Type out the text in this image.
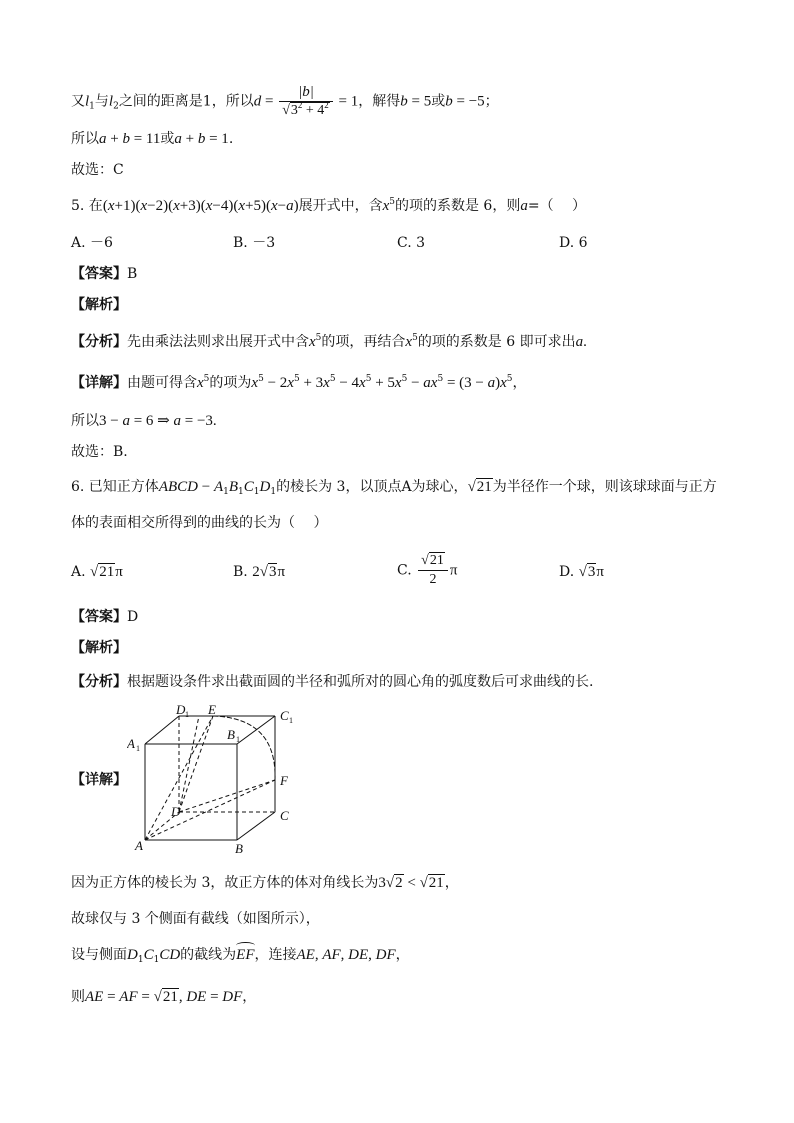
又$l_1$与$l_2$之间的距离是1，所以$d = \frac{|b|}{√3^2 + 4^2} = 1$，解得b = 5或b = −5；
所以a + b = 11或a + b = 1.
故选：C
5. 在(x+1)(x−2)(x+3)(x−4)(x+5)(x−a)展开式中，含$x^5$的项的系数是 6，则a=（　 ）
A. －6	B. －3	C. 3	D. 6
【答案】B
【解析】
【分析】先由乘法法则求出展开式中含$x^5$的项，再结合$x^5$的项的系数是 6 即可求出a.
【详解】由题可得含$x^5$的项为$x^5 - 2x^5 + 3x^5 - 4x^5 + 5x^5 - ax^5 = (3 - a)x^5$，
所以3 − a = 6 ⇒ a = −3.
故选：B.
6. 已知正方体ABCD − $A_1B_1C_1D_1$的棱长为 3，以顶点A为球心，√21为半径作一个球，则该球球面与正方
体的表面相交所得到的曲线的长为（　 ）
A. √21π	B. 2√3π	C. $\frac{√21}{2}$ π	D. √3π
【答案】D
【解析】
【分析】根据题设条件求出截面圆的半径和弧所对的圆心角的弧度数后可求曲线的长.
【详解】
D 1 E	C 1
A 1
B 1
F
D	C
A	B
因为正方体的棱长为 3，故正方体的体对角线长为3√2 < √21，
故球仅与 3 个侧面有截线（如图所示），
设与侧面$D_1C_1CD$的截线为EF，连接AE, AF, DE, DF，
则AE = AF = √21, DE = DF，
